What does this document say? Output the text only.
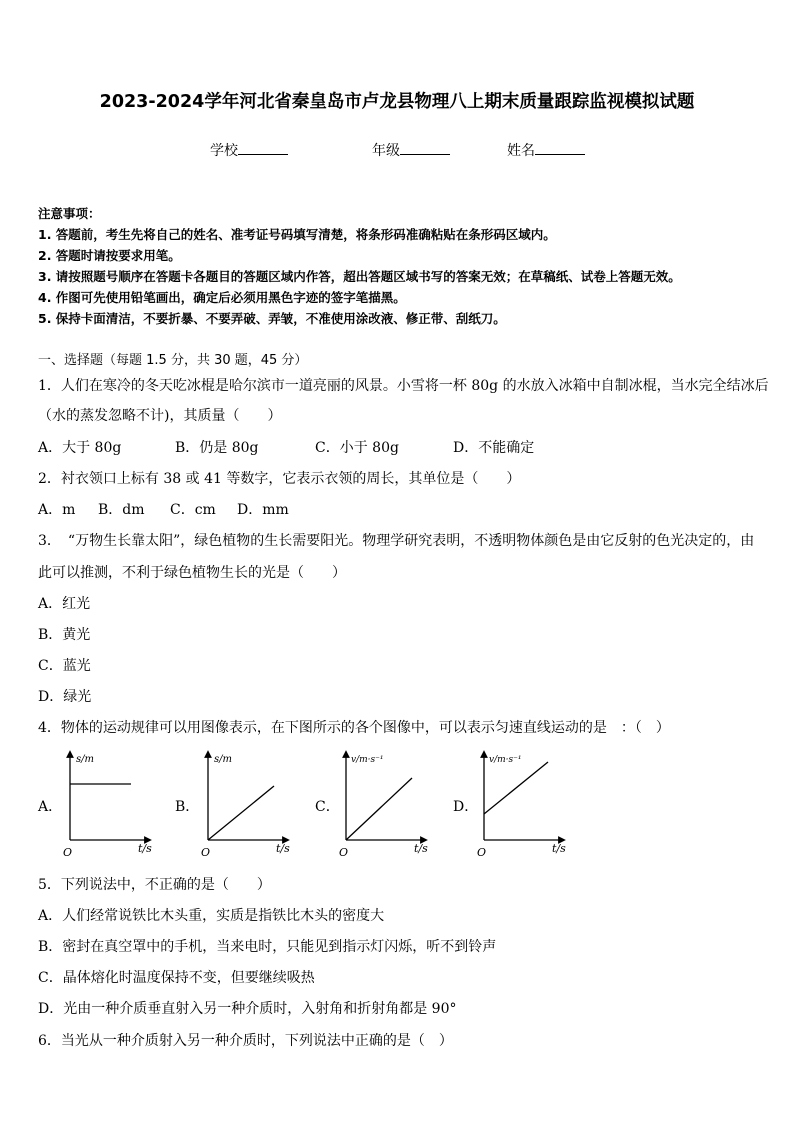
2023-2024学年河北省秦皇岛市卢龙县物理八上期末质量跟踪监视模拟试题
学校	年级	姓名
注意事项：
1. 答题前，考生先将自己的姓名、准考证号码填写清楚，将条形码准确粘贴在条形码区域内。
2. 答题时请按要求用笔。
3. 请按照题号顺序在答题卡各题目的答题区域内作答，超出答题区域书写的答案无效；在草稿纸、试卷上答题无效。
4. 作图可先使用铅笔画出，确定后必须用黑色字迹的签字笔描黑。
5. 保持卡面清洁，不要折暴、不要弄破、弄皱，不准使用涂改液、修正带、刮纸刀。
一、选择题（每题 1.5 分，共 30 题，45 分）
1．人们在寒冷的冬天吃冰棍是哈尔滨市一道亮丽的风景。小雪将一杯 80g 的水放入冰箱中自制冰棍，当水完全结冰后
（水的蒸发忽略不计)，其质量（　　）
A．大于 80g	B．仍是 80g	C．小于 80g	D．不能确定
2．衬衣领口上标有 38 或 41 等数字，它表示衣领的周长，其单位是（　　）
A．m B．dm C．cm D．mm
3．　“万物生长靠太阳”，绿色植物的生长需要阳光。物理学研究表明，不透明物体颜色是由它反射的色光决定的，由
此可以推测，不利于绿色植物生长的光是（　　）
A．红光
B．黄光
C．蓝光
D．绿光
4．物体的运动规律可以用图像表示，在下图所示的各个图像中，可以表示匀速直线运动的是　：（　）
A．
s/m
t/s
O
B．
s/m
t/s
O
C．
v/m·s⁻¹
t/s
O
D．
v/m·s⁻¹
t/s
O
5．下列说法中，不正确的是（　　）
A．人们经常说铁比木头重，实质是指铁比木头的密度大
B．密封在真空罩中的手机，当来电时，只能见到指示灯闪烁，听不到铃声
C．晶体熔化时温度保持不变，但要继续吸热
D．光由一种介质垂直射入另一种介质时，入射角和折射角都是 90°
6．当光从一种介质射入另一种介质时，下列说法中正确的是（　）
